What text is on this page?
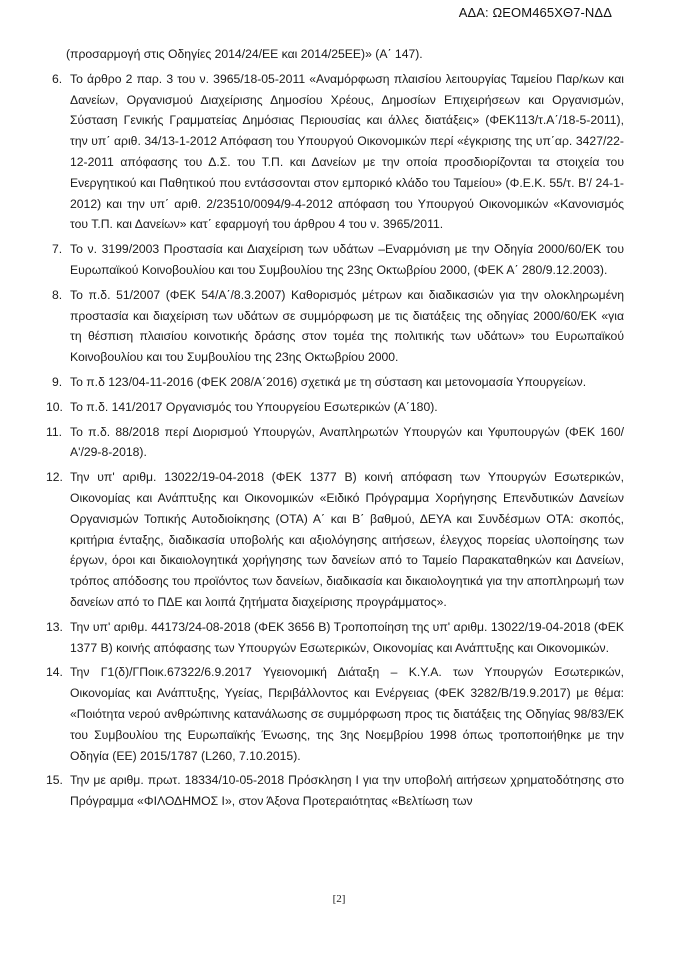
ΑΔΑ: ΩΕΟΜ465ΧΘ7-ΝΔΔ

(προσαρμογή στις Οδηγίες 2014/24/ΕΕ και 2014/25ΕΕ)» (Α΄ 147).

6. Το άρθρο 2 παρ. 3 του ν. 3965/18-05-2011 «Αναμόρφωση πλαισίου λειτουργίας Ταμείου Παρ/κων και Δανείων, Οργανισμού Διαχείρισης Δημοσίου Χρέους, Δημοσίων Επιχειρήσεων και Οργανισμών, Σύσταση Γενικής Γραμματείας Δημόσιας Περιουσίας και άλλες διατάξεις» (ΦΕΚ113/τ.Α΄/18-5-2011), την υπ΄ αριθ. 34/13-1-2012 Απόφαση του Υπουργού Οικονομικών περί «έγκρισης της υπ΄αρ. 3427/22-12-2011 απόφασης του Δ.Σ. του Τ.Π. και Δανείων με την οποία προσδιορίζονται τα στοιχεία του Ενεργητικού και Παθητικού που εντάσσονται στον εμπορικό κλάδο του Ταμείου» (Φ.Ε.Κ. 55/τ. Β'/ 24-1-2012) και την υπ΄ αριθ. 2/23510/0094/9-4-2012 απόφαση του Υπουργού Οικονομικών «Κανονισμός του Τ.Π. και Δανείων» κατ΄ εφαρμογή του άρθρου 4 του ν. 3965/2011.
7. Το ν. 3199/2003 Προστασία και Διαχείριση των υδάτων –Εναρμόνιση με την Οδηγία 2000/60/ΕΚ του Ευρωπαϊκού Κοινοβουλίου και του Συμβουλίου της 23ης Οκτωβρίου 2000, (ΦΕΚ Α΄ 280/9.12.2003).
8. Το π.δ. 51/2007 (ΦΕΚ 54/Α΄/8.3.2007) Καθορισμός μέτρων και διαδικασιών για την ολοκληρωμένη προστασία και διαχείριση των υδάτων σε συμμόρφωση με τις διατάξεις της οδηγίας 2000/60/ΕΚ «για τη θέσπιση πλαισίου κοινοτικής δράσης στον τομέα της πολιτικής των υδάτων» του Ευρωπαϊκού Κοινοβουλίου και του Συμβουλίου της 23ης Οκτωβρίου 2000.
9. Το π.δ 123/04-11-2016 (ΦΕΚ 208/Α΄2016) σχετικά με τη σύσταση και μετονομασία Υπουργείων.
10. Το π.δ. 141/2017 Οργανισμός του Υπουργείου Εσωτερικών (Α΄180).
11. Το π.δ. 88/2018 περί Διορισμού Υπουργών, Αναπληρωτών Υπουργών και Υφυπουργών (ΦΕΚ 160/Α'/29-8-2018).
12. Την υπ' αριθμ. 13022/19-04-2018 (ΦΕΚ 1377 Β) κοινή απόφαση των Υπουργών Εσωτερικών, Οικονομίας και Ανάπτυξης και Οικονομικών «Ειδικό Πρόγραμμα Χορήγησης Επενδυτικών Δανείων Οργανισμών Τοπικής Αυτοδιοίκησης (ΟΤΑ) Α΄ και Β΄ βαθμού, ΔΕΥΑ και Συνδέσμων ΟΤΑ: σκοπός, κριτήρια ένταξης, διαδικασία υποβολής και αξιολόγησης αιτήσεων, έλεγχος πορείας υλοποίησης των έργων, όροι και δικαιολογητικά χορήγησης των δανείων από το Ταμείο Παρακαταθηκών και Δανείων, τρόπος απόδοσης του προϊόντος των δανείων, διαδικασία και δικαιολογητικά για την αποπληρωμή των δανείων από το ΠΔΕ και λοιπά ζητήματα διαχείρισης προγράμματος».
13. Την υπ' αριθμ. 44173/24-08-2018 (ΦΕΚ 3656 Β) Τροποποίηση της υπ' αριθμ. 13022/19-04-2018 (ΦΕΚ 1377 Β) κοινής απόφασης των Υπουργών Εσωτερικών, Οικονομίας και Ανάπτυξης και Οικονομικών.
14. Την Γ1(δ)/ΓΠοικ.67322/6.9.2017 Υγειονομική Διάταξη – Κ.Υ.Α. των Υπουργών Εσωτερικών, Οικονομίας και Ανάπτυξης, Υγείας, Περιβάλλοντος και Ενέργειας (ΦΕΚ 3282/Β/19.9.2017) με θέμα: «Ποιότητα νερού ανθρώπινης κατανάλωσης σε συμμόρφωση προς τις διατάξεις της Οδηγίας 98/83/ΕΚ του Συμβουλίου της Ευρωπαϊκής Ένωσης, της 3ης Νοεμβρίου 1998 όπως τροποποιήθηκε με την Οδηγία (ΕΕ) 2015/1787 (L260, 7.10.2015).
15. Την με αριθμ. πρωτ. 18334/10-05-2018 Πρόσκληση Ι για την υποβολή αιτήσεων χρηματοδότησης στο Πρόγραμμα «ΦΙΛΟΔΗΜΟΣ Ι», στον Άξονα Προτεραιότητας «Βελτίωση των
[2]
